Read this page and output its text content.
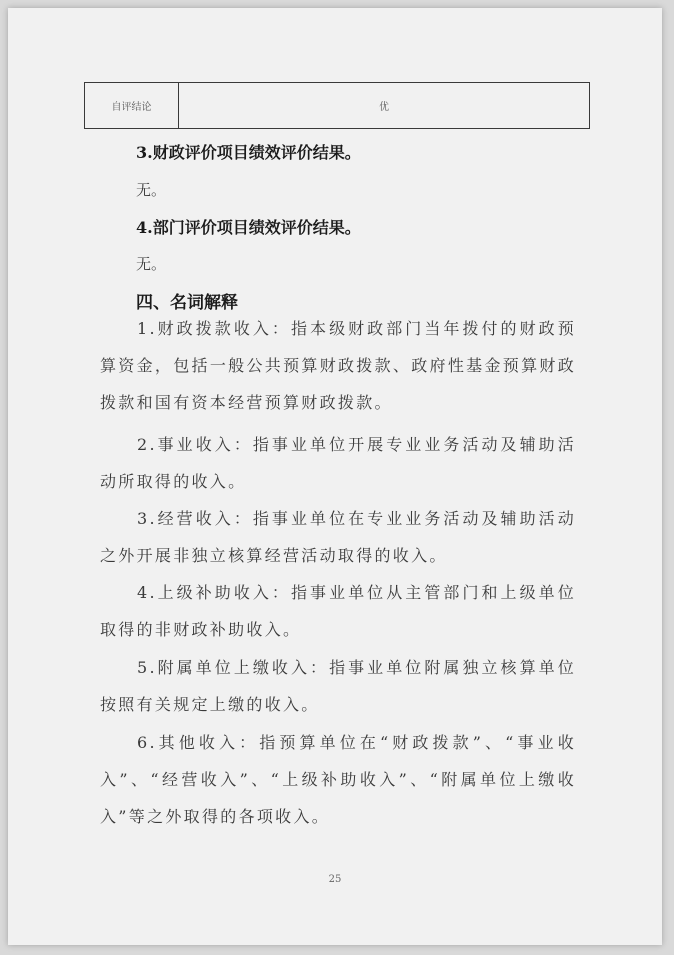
自评结论	优
3.财政评价项目绩效评价结果。
无。
4.部门评价项目绩效评价结果。
无。
四、名词解释

1.财政拨款收入：指本级财政部门当年拨付的财政预算资金，包括一般公共预算财政拨款、政府性基金预算财政拨款和国有资本经营预算财政拨款。

2.事业收入：指事业单位开展专业业务活动及辅助活动所取得的收入。

3.经营收入：指事业单位在专业业务活动及辅助活动之外开展非独立核算经营活动取得的收入。

4.上级补助收入：指事业单位从主管部门和上级单位取得的非财政补助收入。

5.附属单位上缴收入：指事业单位附属独立核算单位按照有关规定上缴的收入。

6.其他收入：指预算单位在“财政拨款”、“事业收入”、“经营收入”、“上级补助收入”、“附属单位上缴收入”等之外取得的各项收入。

25
